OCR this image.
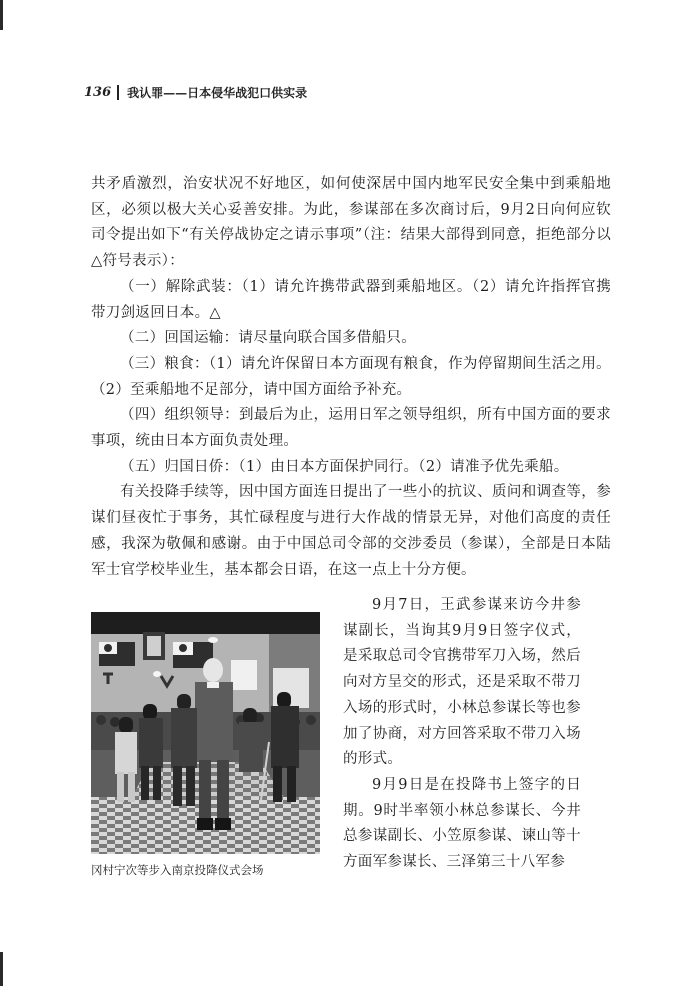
136 我认罪——日本侵华战犯口供实录

共矛盾激烈，治安状况不好地区，如何使深居中国内地军民安全集中到乘船地区，必须以极大关心妥善安排。为此，参谋部在多次商讨后，9月2日向何应钦司令提出如下“有关停战协定之请示事项”（注：结果大部得到同意，拒绝部分以△符号表示）：

（一）解除武装：（1）请允许携带武器到乘船地区。（2）请允许指挥官携带刀剑返回日本。△

（二）回国运输：请尽量向联合国多借船只。

（三）粮食：（1）请允许保留日本方面现有粮食，作为停留期间生活之用。（2）至乘船地不足部分，请中国方面给予补充。

（四）组织领导：到最后为止，运用日军之领导组织，所有中国方面的要求事项，统由日本方面负责处理。

（五）归国日侨：（1）由日本方面保护同行。（2）请准予优先乘船。

有关投降手续等，因中国方面连日提出了一些小的抗议、质问和调查等，参谋们昼夜忙于事务，其忙碌程度与进行大作战的情景无异，对他们高度的责任感，我深为敬佩和感谢。由于中国总司令部的交涉委员（参谋），全部是日本陆军士官学校毕业生，基本都会日语，在这一点上十分方便。

9月7日，王武参谋来访今井参谋副长，当询其9月9日签字仪式，是采取总司令官携带军刀入场，然后向对方呈交的形式，还是采取不带刀入场的形式时，小林总参谋长等也参加了协商，对方回答采取不带刀入场的形式。

9月9日是在投降书上签字的日期。9时半率领小林总参谋长、今井总参谋副长、小笠原参谋、谏山等十方面军参谋长、三泽第三十八军参

冈村宁次等步入南京投降仪式会场
